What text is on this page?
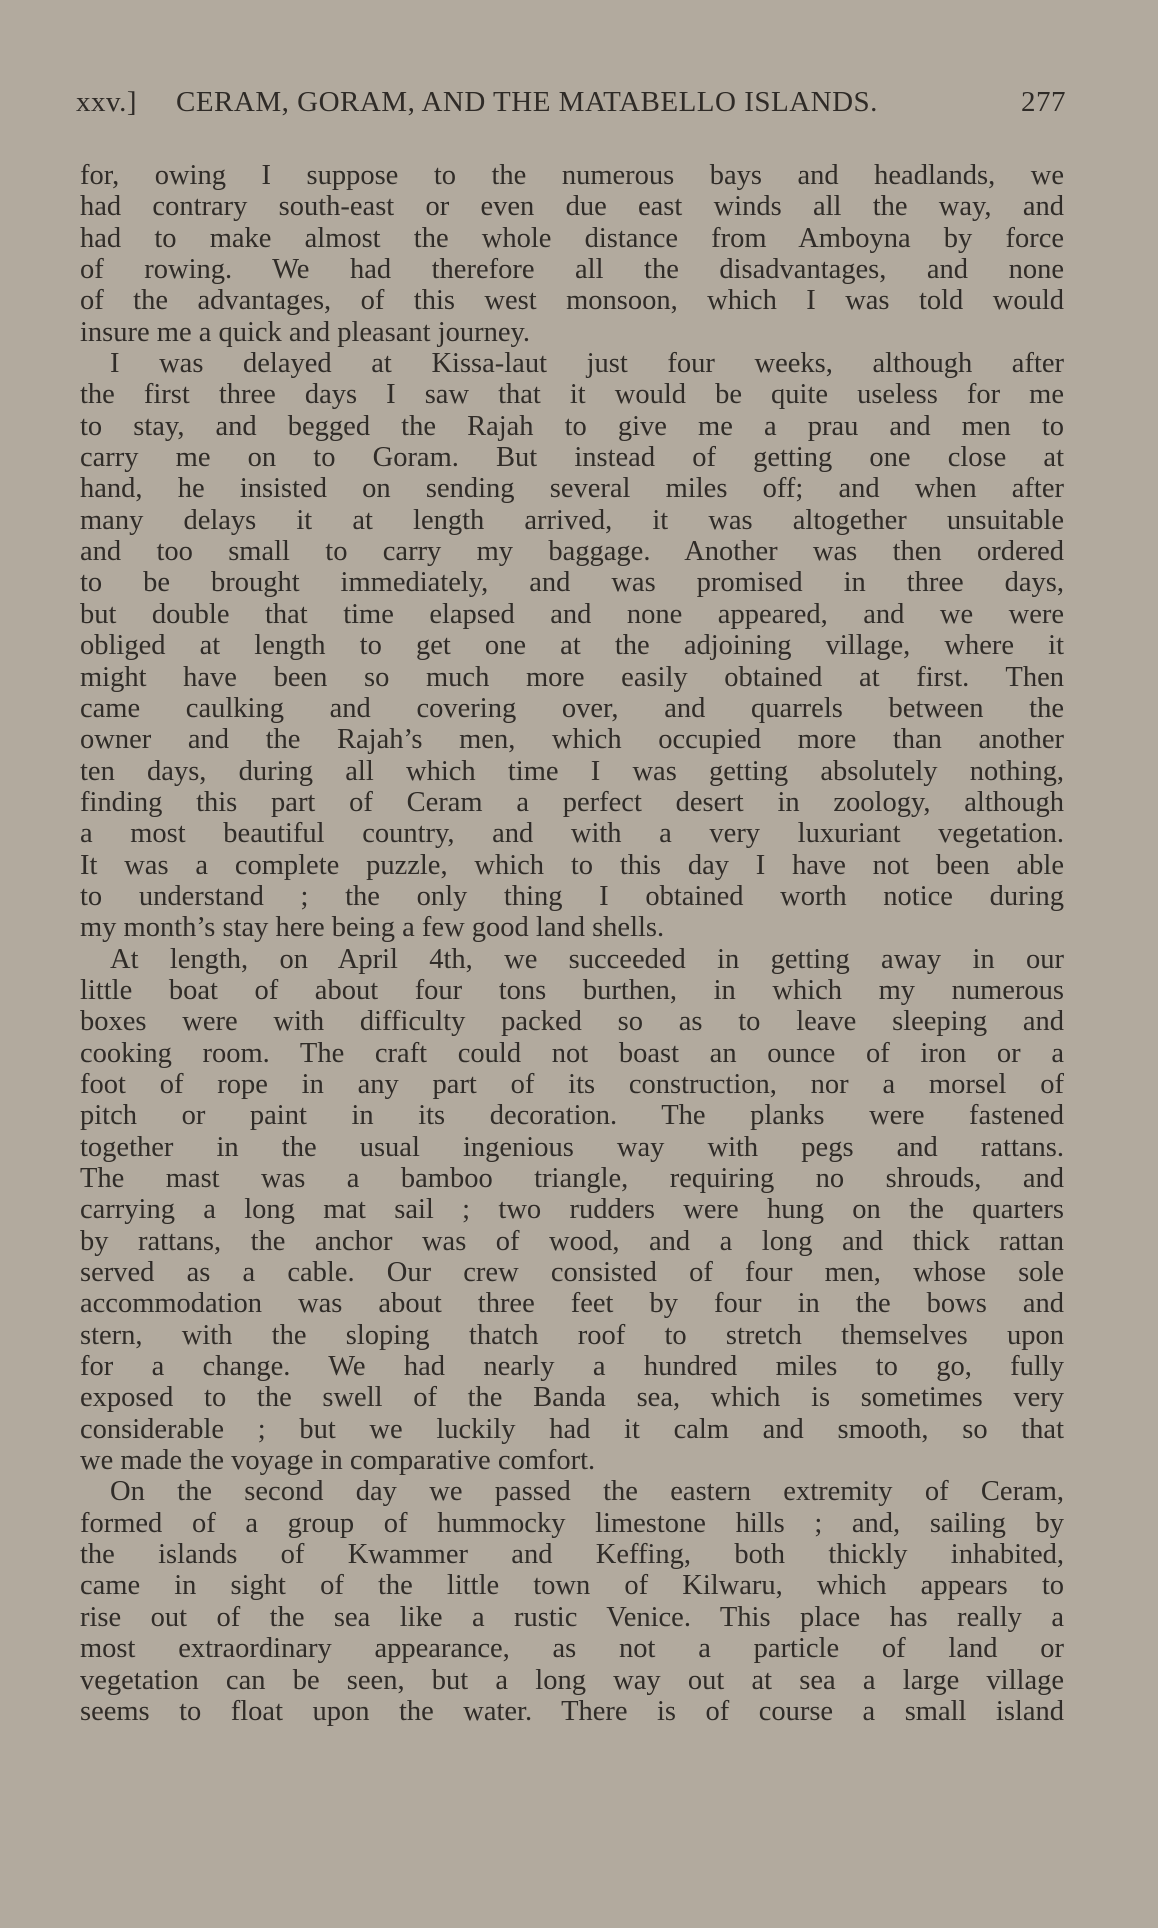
xxv.] CERAM, GORAM, AND THE MATABELLO ISLANDS.	277
for, owing I suppose to the numerous bays and headlands, we
had contrary south-east or even due east winds all the way, and
had to make almost the whole distance from Amboyna by force
of rowing. We had therefore all the disadvantages, and none
of the advantages, of this west monsoon, which I was told would
insure me a quick and pleasant journey.
I was delayed at Kissa-laut just four weeks, although after
the first three days I saw that it would be quite useless for me
to stay, and begged the Rajah to give me a prau and men to
carry me on to Goram. But instead of getting one close at
hand, he insisted on sending several miles off; and when after
many delays it at length arrived, it was altogether unsuitable
and too small to carry my baggage. Another was then ordered
to be brought immediately, and was promised in three days,
but double that time elapsed and none appeared, and we were
obliged at length to get one at the adjoining village, where it
might have been so much more easily obtained at first. Then
came caulking and covering over, and quarrels between the
owner and the Rajah’s men, which occupied more than another
ten days, during all which time I was getting absolutely nothing,
finding this part of Ceram a perfect desert in zoology, although
a most beautiful country, and with a very luxuriant vegetation.
It was a complete puzzle, which to this day I have not been able
to understand ; the only thing I obtained worth notice during
my month’s stay here being a few good land shells.
At length, on April 4th, we succeeded in getting away in our
little boat of about four tons burthen, in which my numerous
boxes were with difficulty packed so as to leave sleeping and
cooking room. The craft could not boast an ounce of iron or a
foot of rope in any part of its construction, nor a morsel of
pitch or paint in its decoration. The planks were fastened
together in the usual ingenious way with pegs and rattans.
The mast was a bamboo triangle, requiring no shrouds, and
carrying a long mat sail ; two rudders were hung on the quarters
by rattans, the anchor was of wood, and a long and thick rattan
served as a cable. Our crew consisted of four men, whose sole
accommodation was about three feet by four in the bows and
stern, with the sloping thatch roof to stretch themselves upon
for a change. We had nearly a hundred miles to go, fully
exposed to the swell of the Banda sea, which is sometimes very
considerable ; but we luckily had it calm and smooth, so that
we made the voyage in comparative comfort.
On the second day we passed the eastern extremity of Ceram,
formed of a group of hummocky limestone hills ; and, sailing by
the islands of Kwammer and Keffing, both thickly inhabited,
came in sight of the little town of Kilwaru, which appears to
rise out of the sea like a rustic Venice. This place has really a
most extraordinary appearance, as not a particle of land or
vegetation can be seen, but a long way out at sea a large village
seems to float upon the water. There is of course a small island
